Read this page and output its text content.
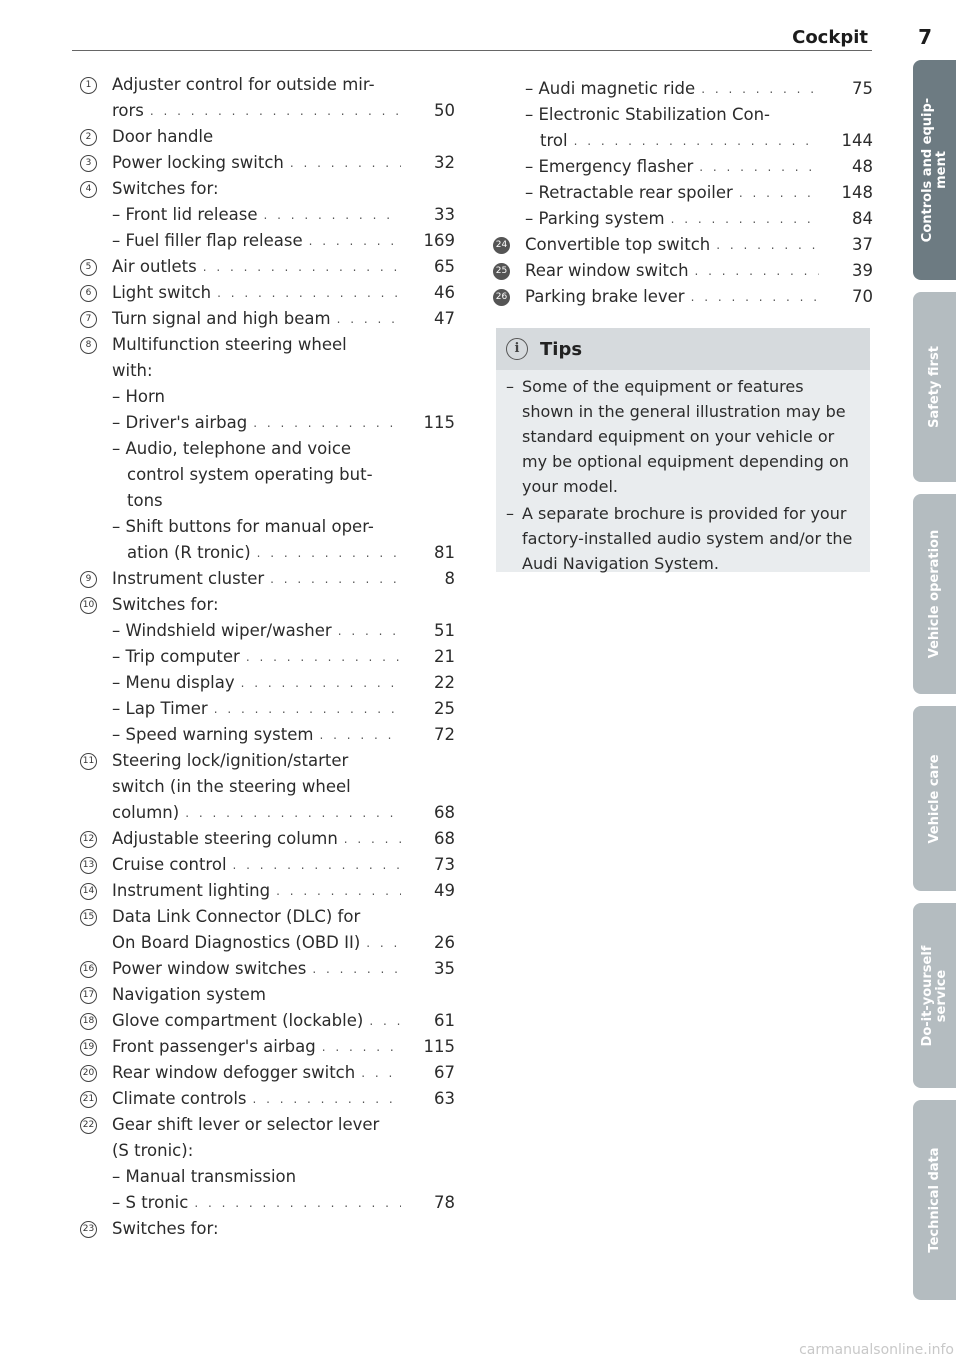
Cockpit	7
1	Adjuster control for outside mir-
rors . . .	50
2	Door handle
3	Power locking switch . . .	32
4	Switches for:
– Front lid release . . .	33
– Fuel filler flap release . . .	169
5	Air outlets . . .	65
6	Light switch . . .	46
7	Turn signal and high beam . . .	47
8	Multifunction steering wheel
with:
– Horn
– Driver's airbag . . .	115
– Audio, telephone and voice
control system operating but-
tons
– Shift buttons for manual oper-
ation (R tronic) . . .	81
9	Instrument cluster . . .	8
10 Switches for:
– Windshield wiper/washer . . .	51
– Trip computer . . .	21
– Menu display . . .	22
– Lap Timer . . .	25
– Speed warning system . . .	72
11 Steering lock/ignition/starter
switch (in the steering wheel
column) . . .	68
12 Adjustable steering column . . .	68
13 Cruise control . . .	73
14 Instrument lighting . . .	49
15 Data Link Connector (DLC) for
On Board Diagnostics (OBD II) . . .	26
16 Power window switches . . .	35
17 Navigation system
18 Glove compartment (lockable) . . .	61
19 Front passenger's airbag . . .	115
20 Rear window defogger switch . . .	67
21 Climate controls . . .	63
22 Gear shift lever or selector lever
(S tronic):
– Manual transmission
– S tronic . . .	78
23 Switches for:
– Audi magnetic ride . . .	75
– Electronic Stabilization Con-
trol . . .	144
– Emergency flasher . . .	48
– Retractable rear spoiler . . .	148
– Parking system . . .	84
24 Convertible top switch . . .	37
25 Rear window switch . . .	39
26 Parking brake lever . . .	70
i	Tips
– Some of the equipment or features shown in the general illustration may be standard equipment on your vehicle or my be optional equipment depending on your model.
– A separate brochure is provided for your factory-installed audio system and/or the Audi Navigation System.
Controls and equip-
ment
Safety first
Vehicle operation
Vehicle care
Do-it-yourself
service
Technical data
carmanualsonline.info
